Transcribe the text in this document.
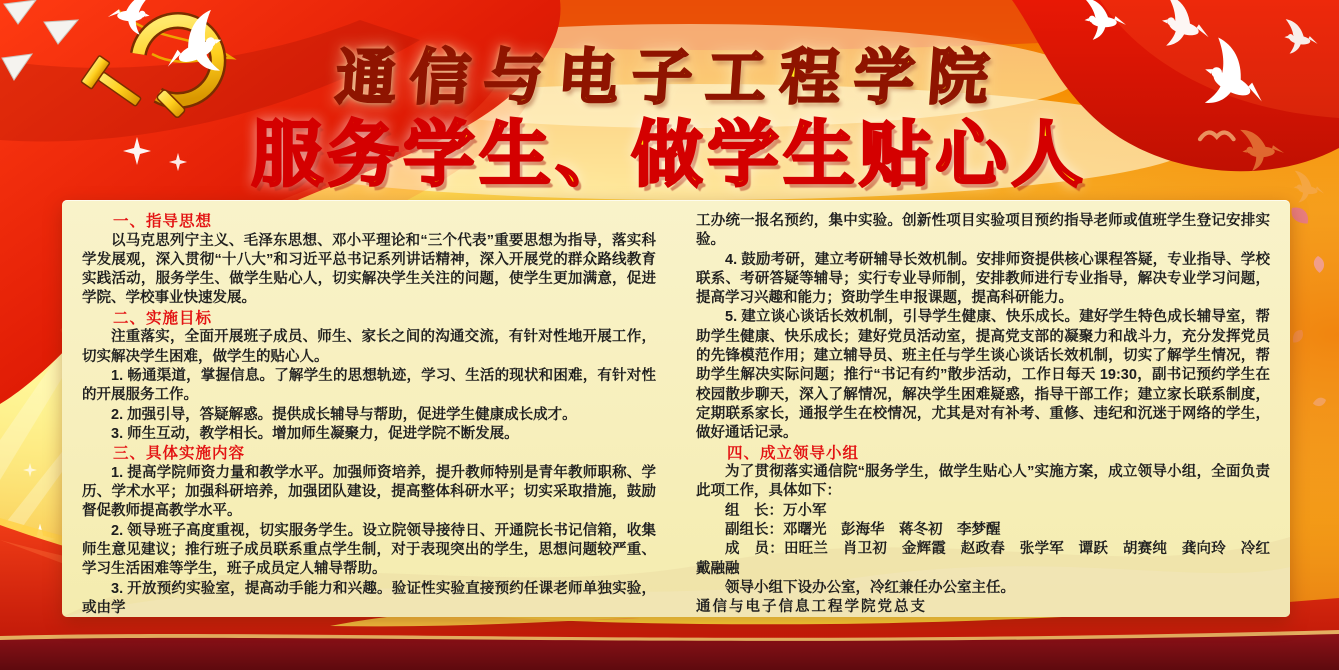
通信与电子工程学院
服务学生、做学生贴心人

一、指导思想

以马克思列宁主义、毛泽东思想、邓小平理论和“三个代表”重要思想为指导，落实科学发展观，深入贯彻“十八大”和习近平总书记系列讲话精神，深入开展党的群众路线教育实践活动，服务学生、做学生贴心人，切实解决学生关注的问题，使学生更加满意，促进学院、学校事业快速发展。

二、实施目标

注重落实，全面开展班子成员、师生、家长之间的沟通交流，有针对性地开展工作，切实解决学生困难，做学生的贴心人。

1. 畅通渠道，掌握信息。了解学生的思想轨迹，学习、生活的现状和困难，有针对性的开展服务工作。

2. 加强引导，答疑解惑。提供成长辅导与帮助，促进学生健康成长成才。

3. 师生互动，教学相长。增加师生凝聚力，促进学院不断发展。

三、具体实施内容

1. 提高学院师资力量和教学水平。加强师资培养，提升教师特别是青年教师职称、学历、学术水平；加强科研培养，加强团队建设，提高整体科研水平；切实采取措施，鼓励督促教师提高教学水平。

2. 领导班子高度重视，切实服务学生。设立院领导接待日、开通院长书记信箱，收集师生意见建议；推行班子成员联系重点学生制，对于表现突出的学生，思想问题较严重、学习生活困难等学生，班子成员定人辅导帮助。

3. 开放预约实验室，提高动手能力和兴趣。验证性实验直接预约任课老师单独实验，或由学

工办统一报名预约，集中实验。创新性项目实验项目预约指导老师或值班学生登记安排实验。

4. 鼓励考研，建立考研辅导长效机制。安排师资提供核心课程答疑，专业指导、学校联系、考研答疑等辅导；实行专业导师制，安排教师进行专业指导，解决专业学习问题，提高学习兴趣和能力；资助学生申报课题，提高科研能力。

5. 建立谈心谈话长效机制，引导学生健康、快乐成长。建好学生特色成长辅导室，帮助学生健康、快乐成长；建好党员活动室，提高党支部的凝聚力和战斗力，充分发挥党员的先锋模范作用；建立辅导员、班主任与学生谈心谈话长效机制，切实了解学生情况，帮助学生解决实际问题；推行“书记有约”散步活动，工作日每天 19:30，副书记预约学生在校园散步聊天，深入了解情况，解决学生困难疑惑，指导干部工作；建立家长联系制度，定期联系家长，通报学生在校情况，尤其是对有补考、重修、违纪和沉迷于网络的学生，做好通话记录。

四、成立领导小组

为了贯彻落实通信院“服务学生，做学生贴心人”实施方案，成立领导小组，全面负责此项工作，具体如下：

组　长：万小军

副组长：邓曙光　彭海华　蒋冬初　李梦醒

成　员：田旺兰　肖卫初　金辉霞　赵政春　张学军　谭跃　胡赛纯　龚向玲　冷红　戴融融

领导小组下设办公室，冷红兼任办公室主任。

通信与电子信息工程学院党总支
